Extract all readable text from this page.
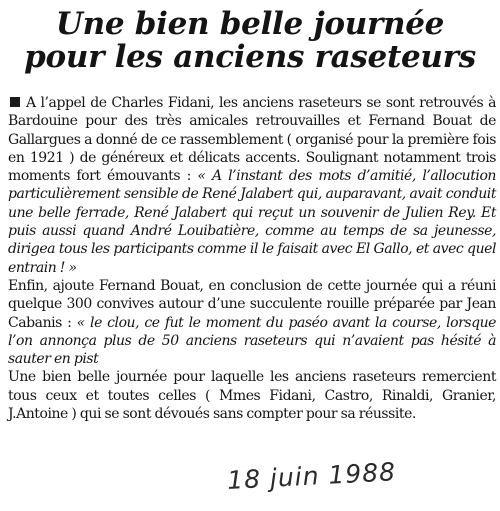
Une bien belle journée
pour les anciens raseteurs

A l’appel de Charles Fidani, les anciens raseteurs se sont retrouvés à Bardouine pour des très amicales retrouvailles et Fernand Bouat de Gallargues a donné de ce rassemblement ( organisé pour la première fois en 1921 ) de généreux et délicats accents. Soulignant notamment trois moments fort émouvants : « A l’instant des mots d’amitié, l’allocution particulièrement sensible de René Jalabert qui, auparavant, avait conduit une belle ferrade, René Jalabert qui reçut un souvenir de Julien Rey. Et puis aussi quand André Louibatière, comme au temps de sa jeunesse, dirigea tous les participants comme il le faisait avec El Gallo, et avec quel entrain ! »

Enfin, ajoute Fernand Bouat, en conclusion de cette journée qui a réuni quelque 300 convives autour d’une succulente rouille préparée par Jean Cabanis : « le clou, ce fut le moment du paséo avant la course, lorsque l’on annonça plus de 50 anciens raseteurs qui n’avaient pas hésité à sauter en pist

Une bien belle journée pour laquelle les anciens raseteurs remercient tous ceux et toutes celles ( Mmes Fidani, Castro, Rinaldi, Granier, J.Antoine ) qui se sont dévoués sans compter pour sa réussite.

18 juin 1988
